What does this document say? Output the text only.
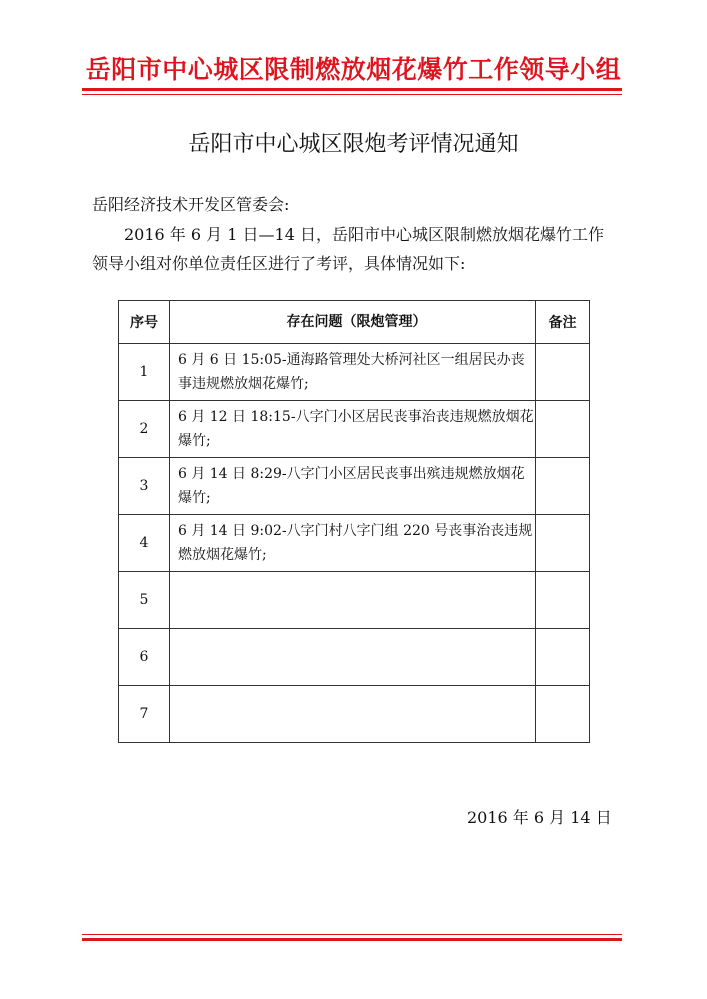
岳阳市中心城区限制燃放烟花爆竹工作领导小组
岳阳市中心城区限炮考评情况通知
岳阳经济技术开发区管委会:
2016 年 6 月 1 日—14 日，岳阳市中心城区限制燃放烟花爆竹工作领导小组对你单位责任区进行了考评，具体情况如下:
序号	存在问题（限炮管理）	备注
1	6 月 6 日 15:05-通海路管理处大桥河社区一组居民办丧事违规燃放烟花爆竹;	
2	6 月 12 日 18:15-八字门小区居民丧事治丧违规燃放烟花爆竹;	
3	6 月 14 日 8:29-八字门小区居民丧事出殡违规燃放烟花爆竹;	
4	6 月 14 日 9:02-八字门村八字门组 220 号丧事治丧违规燃放烟花爆竹;	
5		
6		
7		
2016 年 6 月 14 日
